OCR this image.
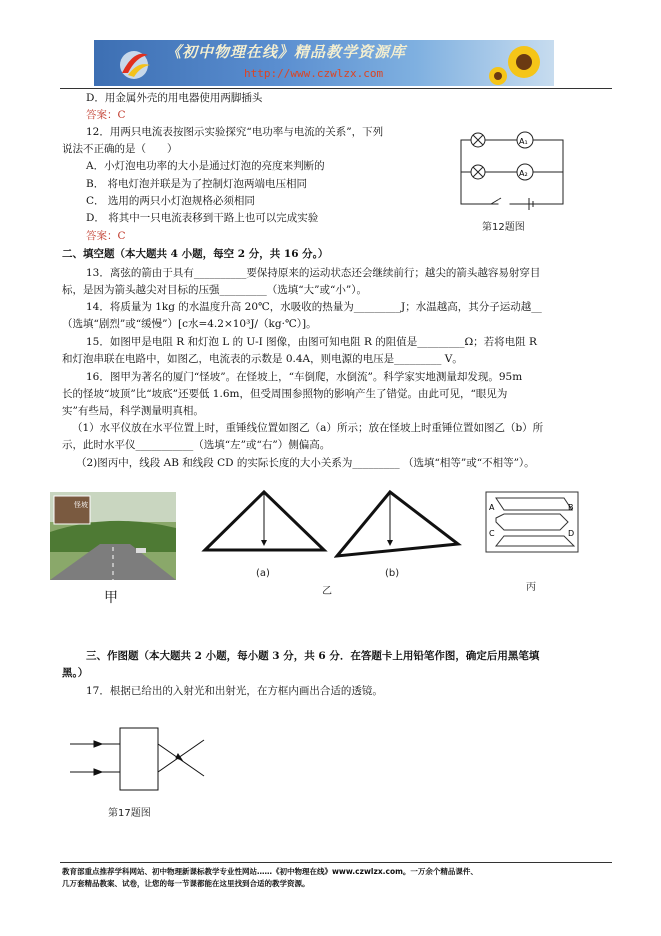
《初中物理在线》精品教学资源库
http://www.czwlzx.com
D．用金属外壳的用电器使用两脚插头
答案：C
12．用两只电流表按图示实验探究“电功率与电流的关系”，下列
说法不正确的是（　　）
A．小灯泡电功率的大小是通过灯泡的亮度来判断的
B． 将电灯泡并联是为了控制灯泡两端电压相同
C． 选用的两只小灯泡规格必须相同
D． 将其中一只电流表移到干路上也可以完成实验
答案：C
A₁
A₂
第12题图
二、填空题（本大题共 4 小题，每空 2 分，共 16 分。）
13．离弦的箭由于具有__________要保持原来的运动状态还会继续前行；越尖的箭头越容易射穿目
标，是因为箭头越尖对目标的压强_________（选填“大”或“小”）。
14．将质量为 1kg 的水温度升高 20℃，水吸收的热量为_________J；水温越高，其分子运动越__
（选填“剧烈”或“缓慢”）[c水=4.2×10³J/（kg·℃）]。
15．如图甲是电阻 R 和灯泡 L 的 U-I 图像，由图可知电阻 R 的阻值是_________Ω；若将电阻 R
和灯泡串联在电路中，如图乙，电流表的示数是 0.4A，则电源的电压是_________ V。
16．图甲为著名的厦门“怪坡”。在怪坡上，“车倒爬，水倒流”。科学家实地测量却发现。95m
长的怪坡“坡顶”比“坡底”还要低 1.6m，但受周围参照物的影响产生了错觉。由此可见，“眼见为
实”有些局，科学测量明真相。
（1）水平仪放在水平位置上时，重锤线位置如图乙（a）所示；放在怪坡上时重锤位置如图乙（b）所
示，此时水平仪___________（选填“左”或“右”）侧偏高。
（2)图丙中，线段 AB 和线段 CD 的实际长度的大小关系为_________ （选填“相等”或“不相等”）。
怪坡
甲
(a)	(b)
乙
A	B
C	D
丙
三、作图题（本大题共 2 小题，每小题 3 分，共 6 分．在答题卡上用铅笔作图，确定后用黑笔填
黑。）
17．根据已给出的入射光和出射光，在方框内画出合适的透镜。
第17题图
教育部重点推荐学科网站、初中物理新课标教学专业性网站……《初中物理在线》www.czwlzx.com。一万余个精品课件、
几万套精品教案、试卷，让您的每一节课都能在这里找到合适的教学资源。
